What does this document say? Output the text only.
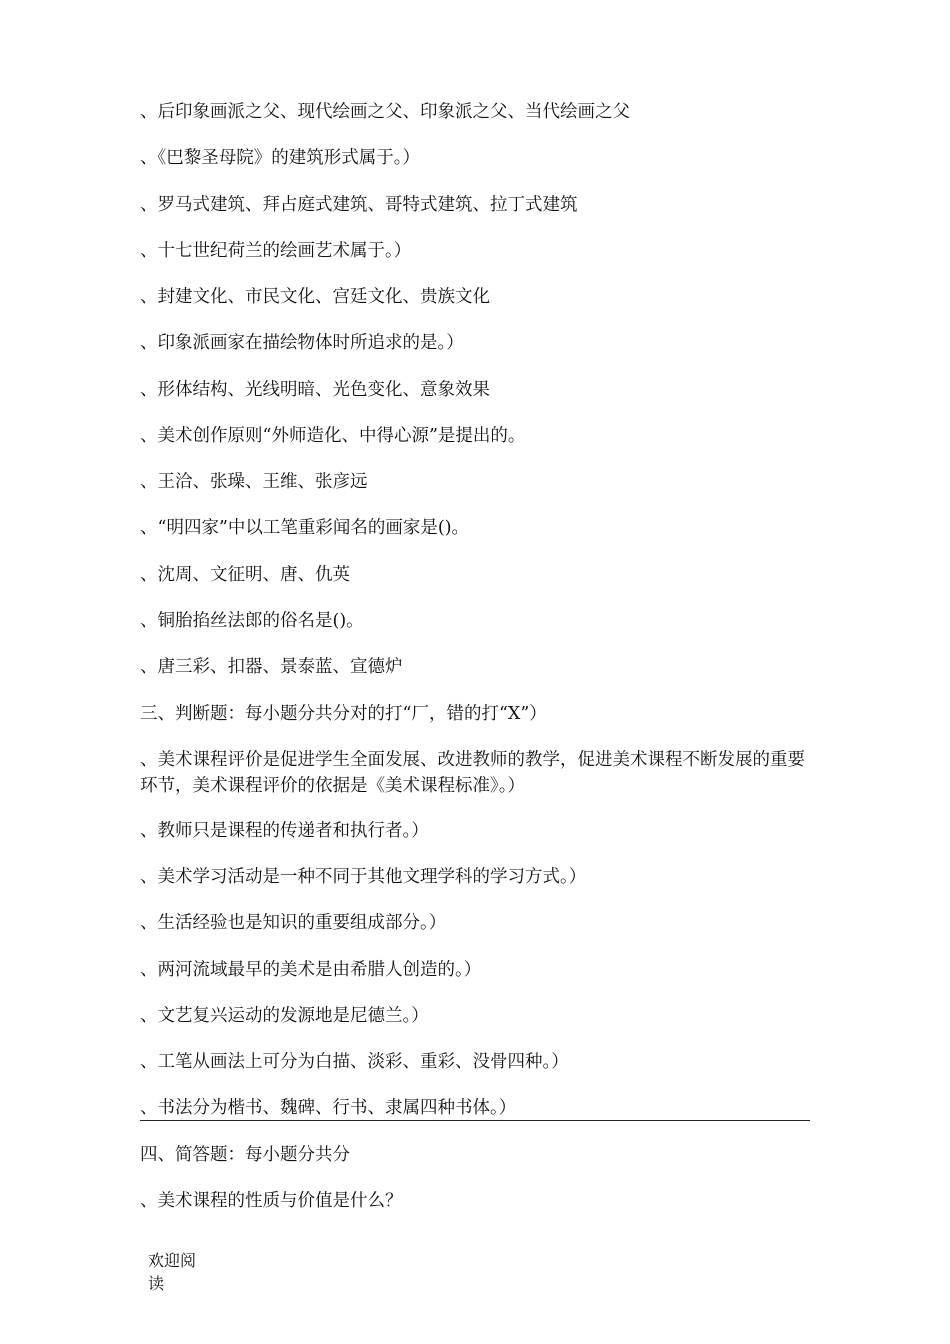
、后印象画派之父、现代绘画之父、印象派之父、当代绘画之父
、《巴黎圣母院》的建筑形式属于。）
、罗马式建筑、拜占庭式建筑、哥特式建筑、拉丁式建筑
、十七世纪荷兰的绘画艺术属于。）
、封建文化、市民文化、宫廷文化、贵族文化
、印象派画家在描绘物体时所追求的是。）
、形体结构、光线明暗、光色变化、意象效果
、美术创作原则“外师造化、中得心源”是提出的。
、王洽、张璪、王维、张彦远
、“明四家”中以工笔重彩闻名的画家是()。
、沈周、文征明、唐、仇英
、铜胎掐丝法郎的俗名是()。
、唐三彩、扣器、景泰蓝、宣德炉
三、判断题：每小题分共分对的打“厂，错的打“X”）
、美术课程评价是促进学生全面发展、改进教师的教学，促进美术课程不断发展的重要环节，美术课程评价的依据是《美术课程标准》。）
、教师只是课程的传递者和执行者。）
、美术学习活动是一种不同于其他文理学科的学习方式。）
、生活经验也是知识的重要组成部分。）
、两河流域最早的美术是由希腊人创造的。）
、文艺复兴运动的发源地是尼德兰。）
、工笔从画法上可分为白描、淡彩、重彩、没骨四种。）
、书法分为楷书、魏碑、行书、隶属四种书体。）
四、简答题：每小题分共分
、美术课程的性质与价值是什么？
欢迎阅读
